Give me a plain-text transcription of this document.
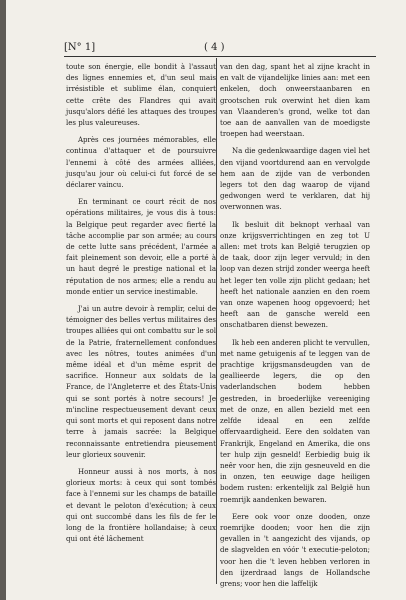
[N° 1]	( 4 )

toute son énergie, elle bondit à l'assaut des lignes ennemies et, d'un seul mais irrésistible et sublime élan, conquiert cette crête des Flandres qui avait jusqu'alors défié les attaques des troupes les plus valeureuses.

Après ces journées mémorables, elle continua d'attaquer et de poursuivre l'ennemi à côté des armées alliées, jusqu'au jour où celui-ci fut forcé de se déclarer vaincu.

En terminant ce court récit de nos opérations militaires, je vous dis à tous: la Belgique peut regarder avec fierté la tâche accomplie par son armée; au cours de cette lutte sans précédent, l'armée a fait pleinement son devoir, elle a porté à un haut degré le prestige national et la réputation de nos armes; elle a rendu au monde entier un service inestimable.

J'ai un autre devoir à remplir, celui de témoigner des belles vertus militaires des troupes alliées qui ont combattu sur le sol de la Patrie, fraternellement confondues avec les nôtres, toutes animées d'un même idéal et d'un même esprit de sacrifice. Honneur aux soldats de la France, de l'Angleterre et des États-Unis qui se sont portés à notre secours! Je m'incline respectueusement devant ceux qui sont morts et qui reposent dans notre terre à jamais sacrée: la Belgique reconnaissante entretiendra pieusement leur glorieux souvenir.

Honneur aussi à nos morts, à nos glorieux morts: à ceux qui sont tombés face à l'ennemi sur les champs de bataille et devant le peloton d'exécution; à ceux qui ont succombé dans les fils de fer le long de la frontière hollandaise; à ceux qui ont été lâchement

van den dag, spant het al zijne kracht in en valt de vijandelijke linies aan: met een enkelen, doch onweerstaanbaren en grootschen ruk overwint het dien kam van Vlaanderen's grond, welke tot dan toe aan de aanvallen van de moedigste troepen had weerstaan.

Na die gedenkwaardige dagen viel het den vijand voortdurend aan en vervolgde hem aan de zijde van de verbonden legers tot den dag waarop de vijand gedwongen werd te verklaren, dat hij overwonnen was.

Ik besluit dit beknopt verhaal van onze krijgsverrichtingen en zeg tot U allen: met trots kan België terugzien op de taak, door zijn leger vervuld; in den loop van dezen strijd zonder weerga heeft het leger ten volle zijn plicht gedaan; het heeft het nationale aanzien en den roem van onze wapenen hoog opgevoerd; het heeft aan de gansche wereld een onschatbaren dienst bewezen.

Ik heb een anderen plicht te vervullen, met name getuigenis af te leggen van de prachtige krijgsmansdeugden van de geallieerde legers, die op den vaderlandschen bodem hebben gestreden, in broederlijke vereeniging met de onze, en allen bezield met een zelfde ideaal en een zelfde offervaardigheid. Eere den soldaten van Frankrijk, Engeland en Amerika, die ons ter hulp zijn gesneld! Eerbiedig buig ik neêr voor hen, die zijn gesneuveld en die in onzen, ten eeuwige dage heiligen bodem rusten: erkentelijk zal België hun roemrijk aandenken bewaren.

Eere ook voor onze dooden, onze roemrijke dooden; voor hen die zijn gevallen in 't aangezicht des vijands, op de slagvelden en vóór 't executie-peloton; voor hen die 't leven hebben verloren in den ijzerdraad langs de Hollandsche grens; voor hen die laffelijk
